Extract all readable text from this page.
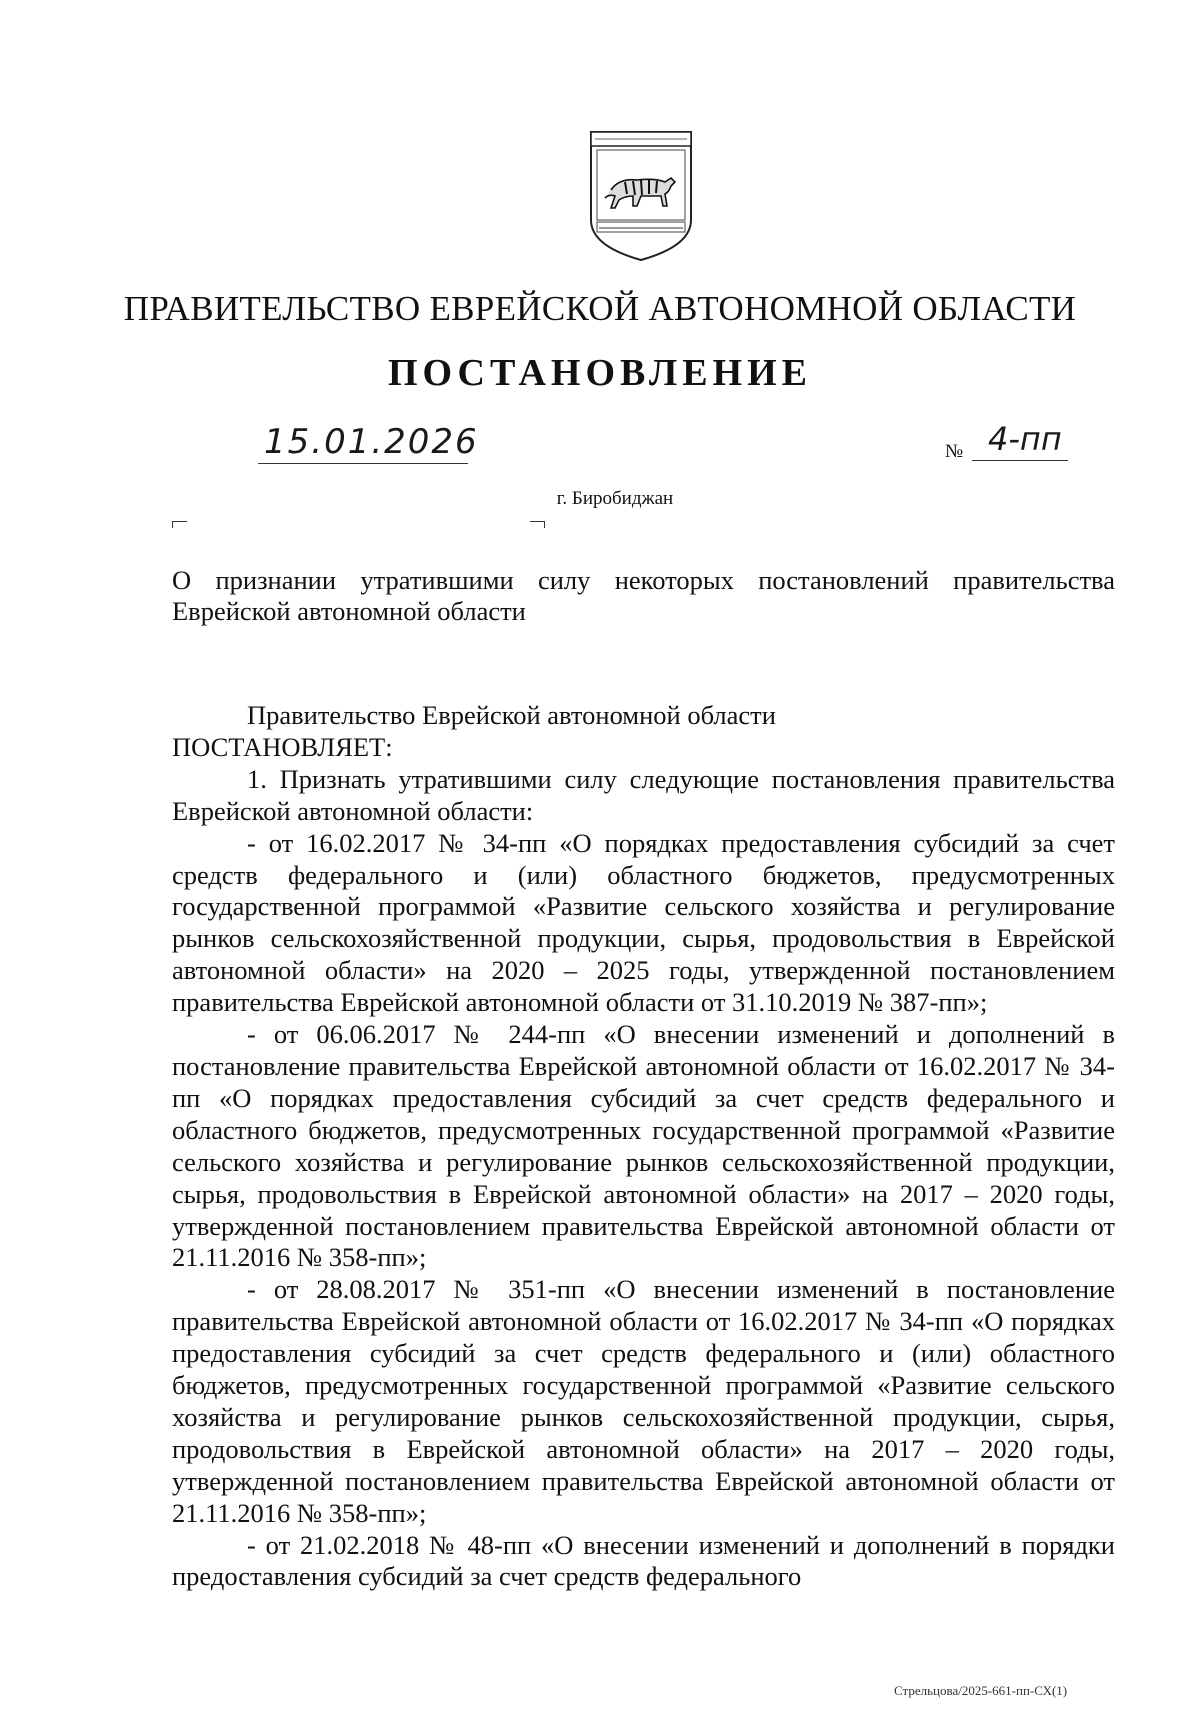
ПРАВИТЕЛЬСТВО ЕВРЕЙСКОЙ АВТОНОМНОЙ ОБЛАСТИ
ПОСТАНОВЛЕНИЕ
15.01.2026	№ 4-пп
г. Биробиджан
О признании утратившими силу некоторых постановлений правительства Еврейской автономной области

Правительство Еврейской автономной области

ПОСТАНОВЛЯЕТ:

1. Признать утратившими силу следующие постановления правительства Еврейской автономной области:

- от 16.02.2017 № 34-пп «О порядках предоставления субсидий за счет средств федерального и (или) областного бюджетов, предусмотренных государственной программой «Развитие сельского хозяйства и регулирование рынков сельскохозяйственной продукции, сырья, продовольствия в Еврейской автономной области» на 2020 – 2025 годы, утвержденной постановлением правительства Еврейской автономной области от 31.10.2019 № 387-пп»;

- от 06.06.2017 № 244-пп «О внесении изменений и дополнений в постановление правительства Еврейской автономной области от 16.02.2017 № 34-пп «О порядках предоставления субсидий за счет средств федерального и областного бюджетов, предусмотренных государственной программой «Развитие сельского хозяйства и регулирование рынков сельскохозяйственной продукции, сырья, продовольствия в Еврейской автономной области» на 2017 – 2020 годы, утвержденной постановлением правительства Еврейской автономной области от 21.11.2016 № 358-пп»;

- от 28.08.2017 № 351-пп «О внесении изменений в постановление правительства Еврейской автономной области от 16.02.2017 № 34-пп «О порядках предоставления субсидий за счет средств федерального и (или) областного бюджетов, предусмотренных государственной программой «Развитие сельского хозяйства и регулирование рынков сельскохозяйственной продукции, сырья, продовольствия в Еврейской автономной области» на 2017 – 2020 годы, утвержденной постановлением правительства Еврейской автономной области от 21.11.2016 № 358-пп»;

- от 21.02.2018 № 48-пп «О внесении изменений и дополнений в порядки предоставления субсидий за счет средств федерального

Стрельцова/2025-661-пп-СХ(1)
